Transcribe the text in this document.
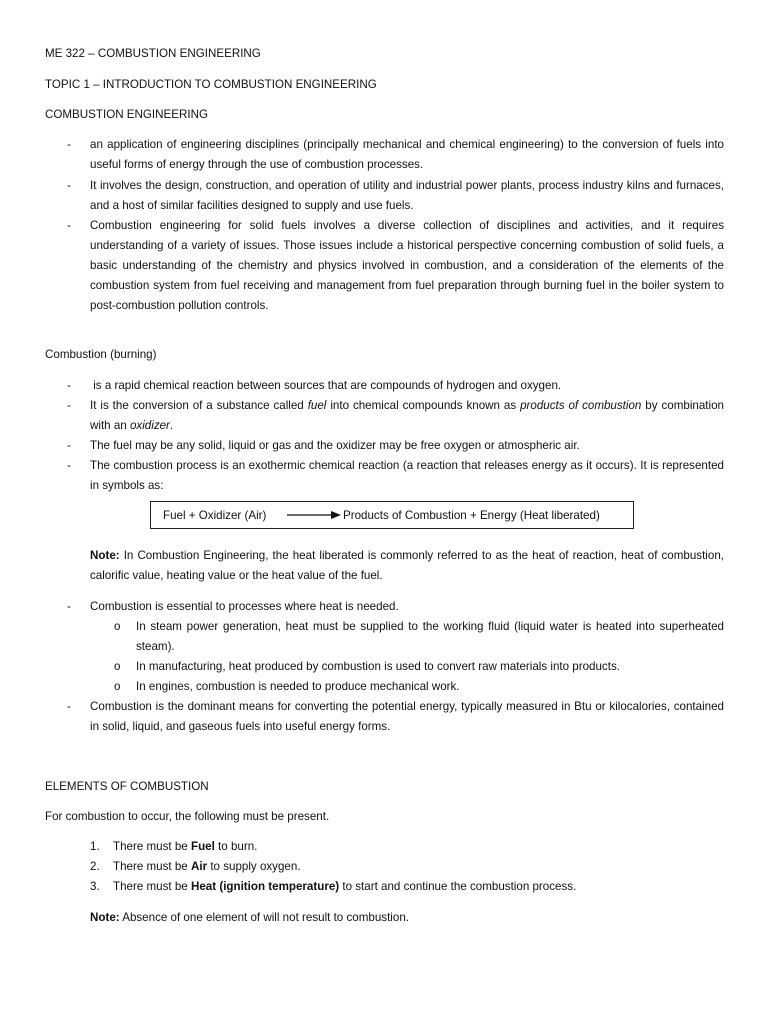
ME 322 – COMBUSTION ENGINEERING
TOPIC 1 – INTRODUCTION TO COMBUSTION ENGINEERING
COMBUSTION ENGINEERING
- an application of engineering disciplines (principally mechanical and chemical engineering) to the conversion of fuels into useful forms of energy through the use of combustion processes.
- It involves the design, construction, and operation of utility and industrial power plants, process industry kilns and furnaces, and a host of similar facilities designed to supply and use fuels.
- Combustion engineering for solid fuels involves a diverse collection of disciplines and activities, and it requires understanding of a variety of issues. Those issues include a historical perspective concerning combustion of solid fuels, a basic understanding of the chemistry and physics involved in combustion, and a consideration of the elements of the combustion system from fuel receiving and management from fuel preparation through burning fuel in the boiler system to post-combustion pollution controls.
Combustion (burning)
- is a rapid chemical reaction between sources that are compounds of hydrogen and oxygen.
- It is the conversion of a substance called fuel into chemical compounds known as products of combustion by combination with an oxidizer.
- The fuel may be any solid, liquid or gas and the oxidizer may be free oxygen or atmospheric air.
- The combustion process is an exothermic chemical reaction (a reaction that releases energy as it occurs). It is represented in symbols as:
Fuel + Oxidizer (Air)	Products of Combustion + Energy (Heat liberated)
Note: In Combustion Engineering, the heat liberated is commonly referred to as the heat of reaction, heat of combustion, calorific value, heating value or the heat value of the fuel.
- Combustion is essential to processes where heat is needed.
o In steam power generation, heat must be supplied to the working fluid (liquid water is heated into superheated steam).
o In manufacturing, heat produced by combustion is used to convert raw materials into products.
o In engines, combustion is needed to produce mechanical work.
- Combustion is the dominant means for converting the potential energy, typically measured in Btu or kilocalories, contained in solid, liquid, and gaseous fuels into useful energy forms.
ELEMENTS OF COMBUSTION
For combustion to occur, the following must be present.
1. There must be Fuel to burn.
2. There must be Air to supply oxygen.
3. There must be Heat (ignition temperature) to start and continue the combustion process.
Note: Absence of one element of will not result to combustion.
